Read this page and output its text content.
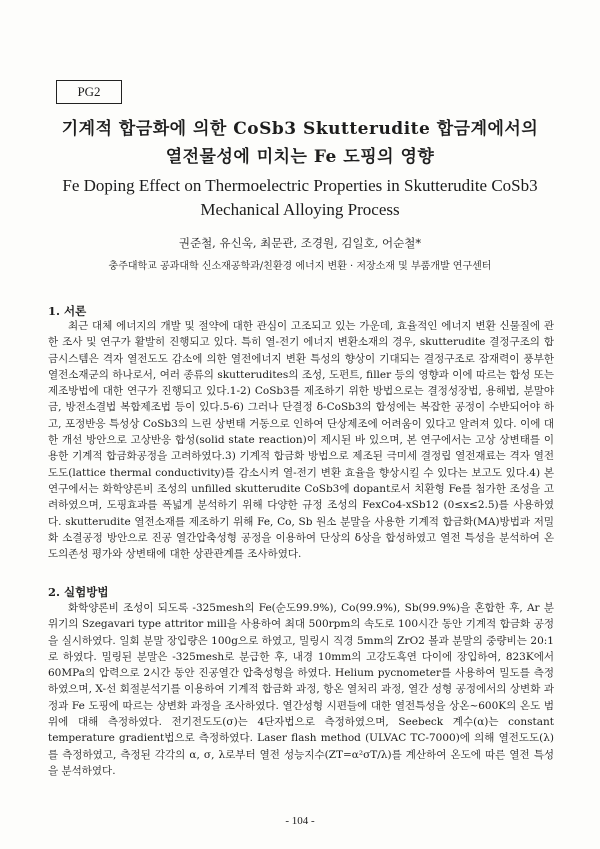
PG2
기계적 합금화에 의한 CoSb3 Skutterudite 합금계에서의
열전물성에 미치는 Fe 도핑의 영향
Fe Doping Effect on Thermoelectric Properties in Skutterudite CoSb3
Mechanical Alloying Process
권준철, 유신욱, 최문관, 조경원, 김일호, 어순철*
충주대학교 공과대학 신소재공학과/친환경 에너지 변환 · 저장소재 및 부품개발 연구센터
1. 서론
최근 대체 에너지의 개발 및 절약에 대한 관심이 고조되고 있는 가운데, 효율적인 에너지 변환 신물질에 관한 조사 및 연구가 활발히 진행되고 있다. 특히 열-전기 에너지 변환소재의 경우, skutterudite 결정구조의 합금시스템은 격자 열전도도 감소에 의한 열전에너지 변환 특성의 향상이 기대되는 결정구조로 잠재력이 풍부한 열전소재군의 하나로서, 여러 종류의 skutterudites의 조성, 도펀트, filler 등의 영향과 이에 따르는 합성 또는 제조방법에 대한 연구가 진행되고 있다.1-2) CoSb3를 제조하기 위한 방법으로는 결정성장법, 용해법, 분말야금, 방전소결법 복합제조법 등이 있다.5-6) 그러나 단결정 δ-CoSb3의 합성에는 복잡한 공정이 수반되어야 하고, 포정반응 특성상 CoSb3의 느린 상변태 거동으로 인하여 단상제조에 어려움이 있다고 알려져 있다. 이에 대한 개선 방안으로 고상반응 합성(solid state reaction)이 제시된 바 있으며, 본 연구에서는 고상 상변태를 이용한 기계적 합금화공정을 고려하였다.3) 기계적 합금화 방법으로 제조된 극미세 결정립 열전재료는 격자 열전도도(lattice thermal conductivity)를 감소시켜 열-전기 변환 효율을 향상시킬 수 있다는 보고도 있다.4) 본 연구에서는 화학양론비 조성의 unfilled skutterudite CoSb3에 dopant로서 치환형 Fe를 첨가한 조성을 고려하였으며, 도핑효과를 폭넓게 분석하기 위해 다양한 규정 조성의 FexCo4-xSb12 (0≤x≤2.5)를 사용하였다. skutterudite 열전소재를 제조하기 위해 Fe, Co, Sb 원소 분말을 사용한 기계적 합금화(MA)방법과 저밀화 소결공정 방안으로 진공 열간압축성형 공정을 이용하여 단상의 δ상을 합성하였고 열전 특성을 분석하여 온도의존성 평가와 상변태에 대한 상관관계를 조사하였다.
2. 실험방법
화학양론비 조성이 되도록 -325mesh의 Fe(순도99.9%), Co(99.9%), Sb(99.9%)을 혼합한 후, Ar 분위기의 Szegavari type attritor mill을 사용하여 최대 500rpm의 속도로 100시간 동안 기계적 합금화 공정을 실시하였다. 일회 분말 장입량은 100g으로 하였고, 밀링시 직경 5mm의 ZrO2 볼과 분말의 중량비는 20:1로 하였다. 밀링된 분말은 -325mesh로 분급한 후, 내경 10mm의 고강도흑연 다이에 장입하여, 823K에서 60MPa의 압력으로 2시간 동안 진공열간 압축성형을 하였다. Helium pycnometer를 사용하여 밀도를 측정하였으며, X-선 회절분석기를 이용하여 기계적 합금화 과정, 항온 열처리 과정, 열간 성형 공정에서의 상변화 과정과 Fe 도핑에 따르는 상변화 과정을 조사하였다. 열간성형 시편들에 대한 열전특성을 상온~600K의 온도 범위에 대해 측정하였다. 전기전도도(σ)는 4단자법으로 측정하였으며, Seebeck 계수(α)는 constant temperature gradient법으로 측정하였다. Laser flash method (ULVAC TC-7000)에 의해 열전도도(λ)를 측정하였고, 측정된 각각의 α, σ, λ로부터 열전 성능지수(ZT=α²σT/λ)를 계산하여 온도에 따른 열전 특성을 분석하였다.
- 104 -
